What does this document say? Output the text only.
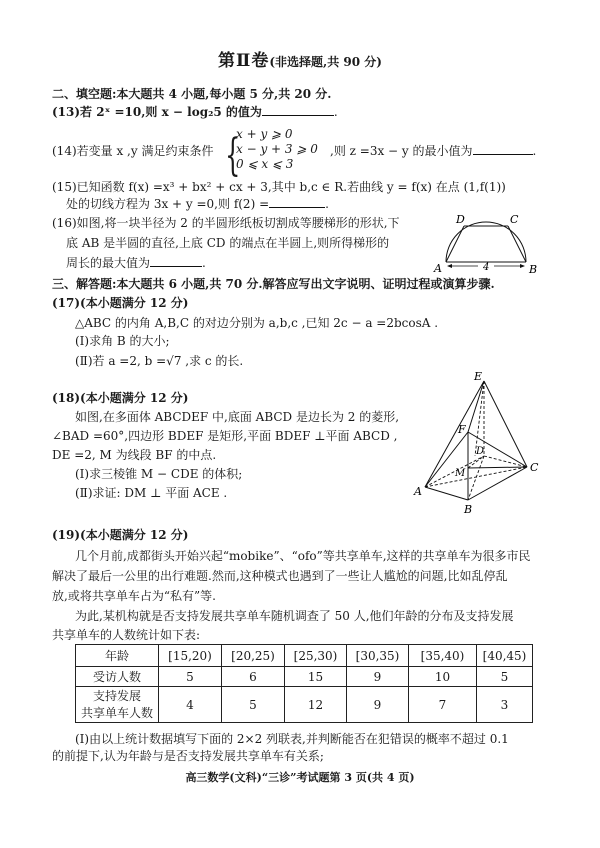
第Ⅱ卷(非选择题,共 90 分)
二、填空题:本大题共 4 小题,每小题 5 分,共 20 分.
(13)若 2ˣ =10,则 x − log₂5 的值为	.
(14)若变量 x ,y 满足约束条件 {
x + y ⩾ 0
x − y + 3 ⩾ 0
0 ⩽ x ⩽ 3
,则 z =3x − y 的最小值为	.
(15)已知函数 f(x) =x³ + bx² + cx + 3,其中 b,c ∈ R.若曲线 y = f(x) 在点 (1,f(1))
处的切线方程为 3x + y =0,则 f(2) =	.
(16)如图,将一块半径为 2 的半圆形纸板切割成等腰梯形的形状,下
底 AB 是半圆的直径,上底 CD 的端点在半圆上,则所得梯形的
周长的最大值为	.
D	C
A	B
4
三、解答题:本大题共 6 小题,共 70 分.解答应写出文字说明、证明过程或演算步骤.
(17)(本小题满分 12 分)
△ABC 的内角 A,B,C 的对边分别为 a,b,c ,已知 2c − a =2bcosA .
(Ⅰ)求角 B 的大小;
(Ⅱ)若 a =2, b =√7 ,求 c 的长.
(18)(本小题满分 12 分)
如图,在多面体 ABCDEF 中,底面 ABCD 是边长为 2 的菱形,
∠BAD =60°,四边形 BDEF 是矩形,平面 BDEF ⊥平面 ABCD ,
DE =2, M 为线段 BF 的中点.
(Ⅰ)求三棱锥 M − CDE 的体积;
(Ⅱ)求证: DM ⊥ 平面 ACE .
E
F
D
M	C
A
B
(19)(本小题满分 12 分)
几个月前,成都街头开始兴起“mobike”、“ofo”等共享单车,这样的共享单车为很多市民
解决了最后一公里的出行难题.然而,这种模式也遇到了一些让人尴尬的问题,比如乱停乱
放,或将共享单车占为“私有”等.
为此,某机构就是否支持发展共享单车随机调查了 50 人,他们年龄的分布及支持发展
共享单车的人数统计如下表:
年龄	[15,20)	[20,25)	[25,30)	[30,35)	[35,40)	[40,45)
受访人数	5	6	15	9	10	5

支持发展
共享单车人数	4	5	12	9	7	3
(Ⅰ)由以上统计数据填写下面的 2×2 列联表,并判断能否在犯错误的概率不超过 0.1
的前提下,认为年龄与是否支持发展共享单车有关系;
高三数学(文科)“三诊”考试题第 3 页(共 4 页)
